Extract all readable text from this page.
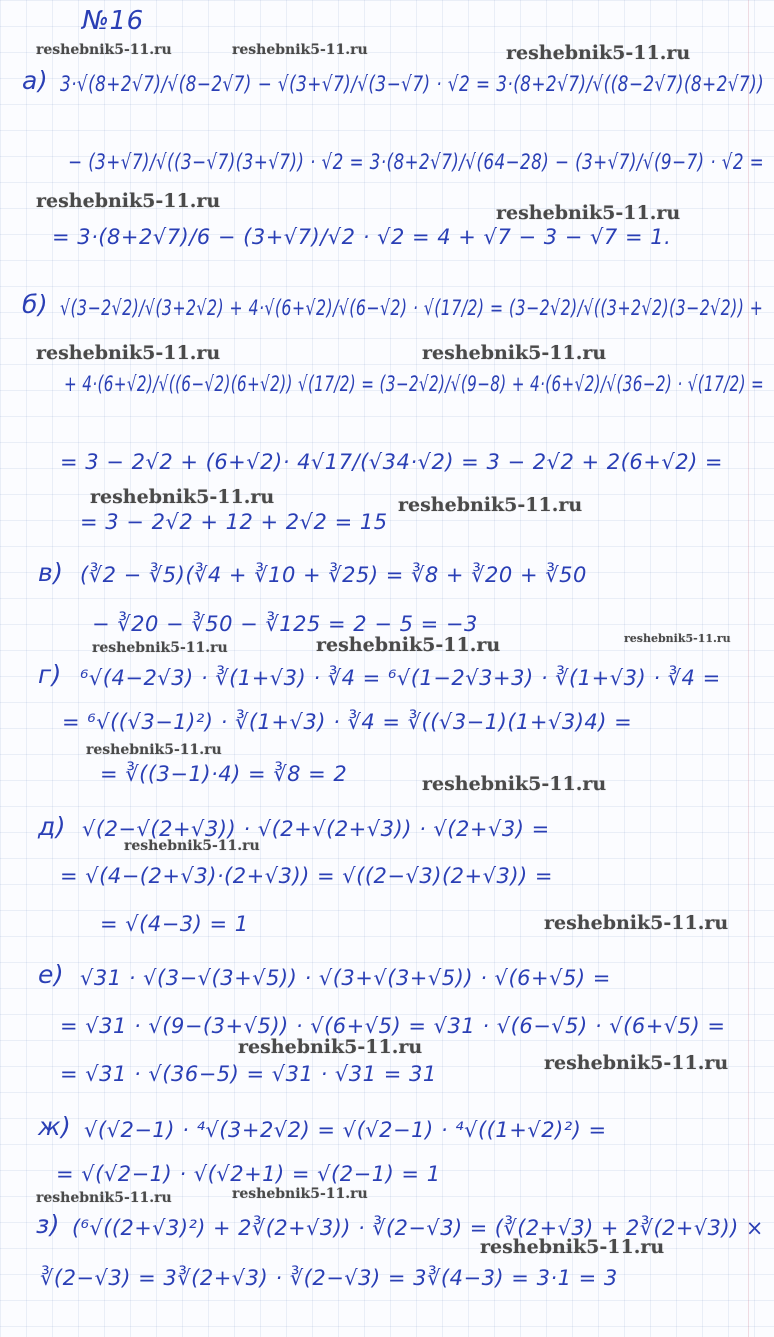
№16
а) 3·√(8+2√7)/√(8−2√7) − √(3+√7)/√(3−√7) · √2 = 3·(8+2√7)/√((8−2√7)(8+2√7))
− (3+√7)/√((3−√7)(3+√7)) · √2 = 3·(8+2√7)/√(64−28) − (3+√7)/√(9−7) · √2 =
= 3·(8+2√7)/6 − (3+√7)/√2 · √2 = 4 + √7 − 3 − √7 = 1.
б) √(3−2√2)/√(3+2√2) + 4·√(6+√2)/√(6−√2) · √(17/2) = (3−2√2)/√((3+2√2)(3−2√2)) +
+ 4·(6+√2)/√((6−√2)(6+√2)) √(17/2) = (3−2√2)/√(9−8) + 4·(6+√2)/√(36−2) · √(17/2) =
= 3 − 2√2 + (6+√2)· 4√17/(√34·√2) = 3 − 2√2 + 2(6+√2) =
= 3 − 2√2 + 12 + 2√2 = 15
в) (∛2 − ∛5)(∛4 + ∛10 + ∛25) = ∛8 + ∛20 + ∛50
− ∛20 − ∛50 − ∛125 = 2 − 5 = −3
г) ⁶√(4−2√3) · ∛(1+√3) · ∛4 = ⁶√(1−2√3+3) · ∛(1+√3) · ∛4 =
= ⁶√((√3−1)²) · ∛(1+√3) · ∛4 = ∛((√3−1)(1+√3)4) =
= ∛((3−1)·4) = ∛8 = 2
д) √(2−√(2+√3)) · √(2+√(2+√3)) · √(2+√3) =
= √(4−(2+√3)·(2+√3)) = √((2−√3)(2+√3)) =
= √(4−3) = 1
е) √31 · √(3−√(3+√5)) · √(3+√(3+√5)) · √(6+√5) =
= √31 · √(9−(3+√5)) · √(6+√5) = √31 · √(6−√5) · √(6+√5) =
= √31 · √(36−5) = √31 · √31 = 31
ж) √(√2−1) · ⁴√(3+2√2) = √(√2−1) · ⁴√((1+√2)²) =
= √(√2−1) · √(√2+1) = √(2−1) = 1
з) (⁶√((2+√3)²) + 2∛(2+√3)) · ∛(2−√3) = (∛(2+√3) + 2∛(2+√3)) ×
∛(2−√3) = 3∛(2+√3) · ∛(2−√3) = 3∛(4−3) = 3·1 = 3
reshebnik5-11.ru	reshebnik5-11.ru	reshebnik5-11.ru
reshebnik5-11.ru
reshebnik5-11.ru
reshebnik5-11.ru	reshebnik5-11.ru
reshebnik5-11.ru	reshebnik5-11.ru
reshebnik5-11.ru	reshebnik5-11.ru	reshebnik5-11.ru
reshebnik5-11.ru
reshebnik5-11.ru
reshebnik5-11.ru
reshebnik5-11.ru
reshebnik5-11.ru
reshebnik5-11.ru
reshebnik5-11.ru	reshebnik5-11.ru
reshebnik5-11.ru
